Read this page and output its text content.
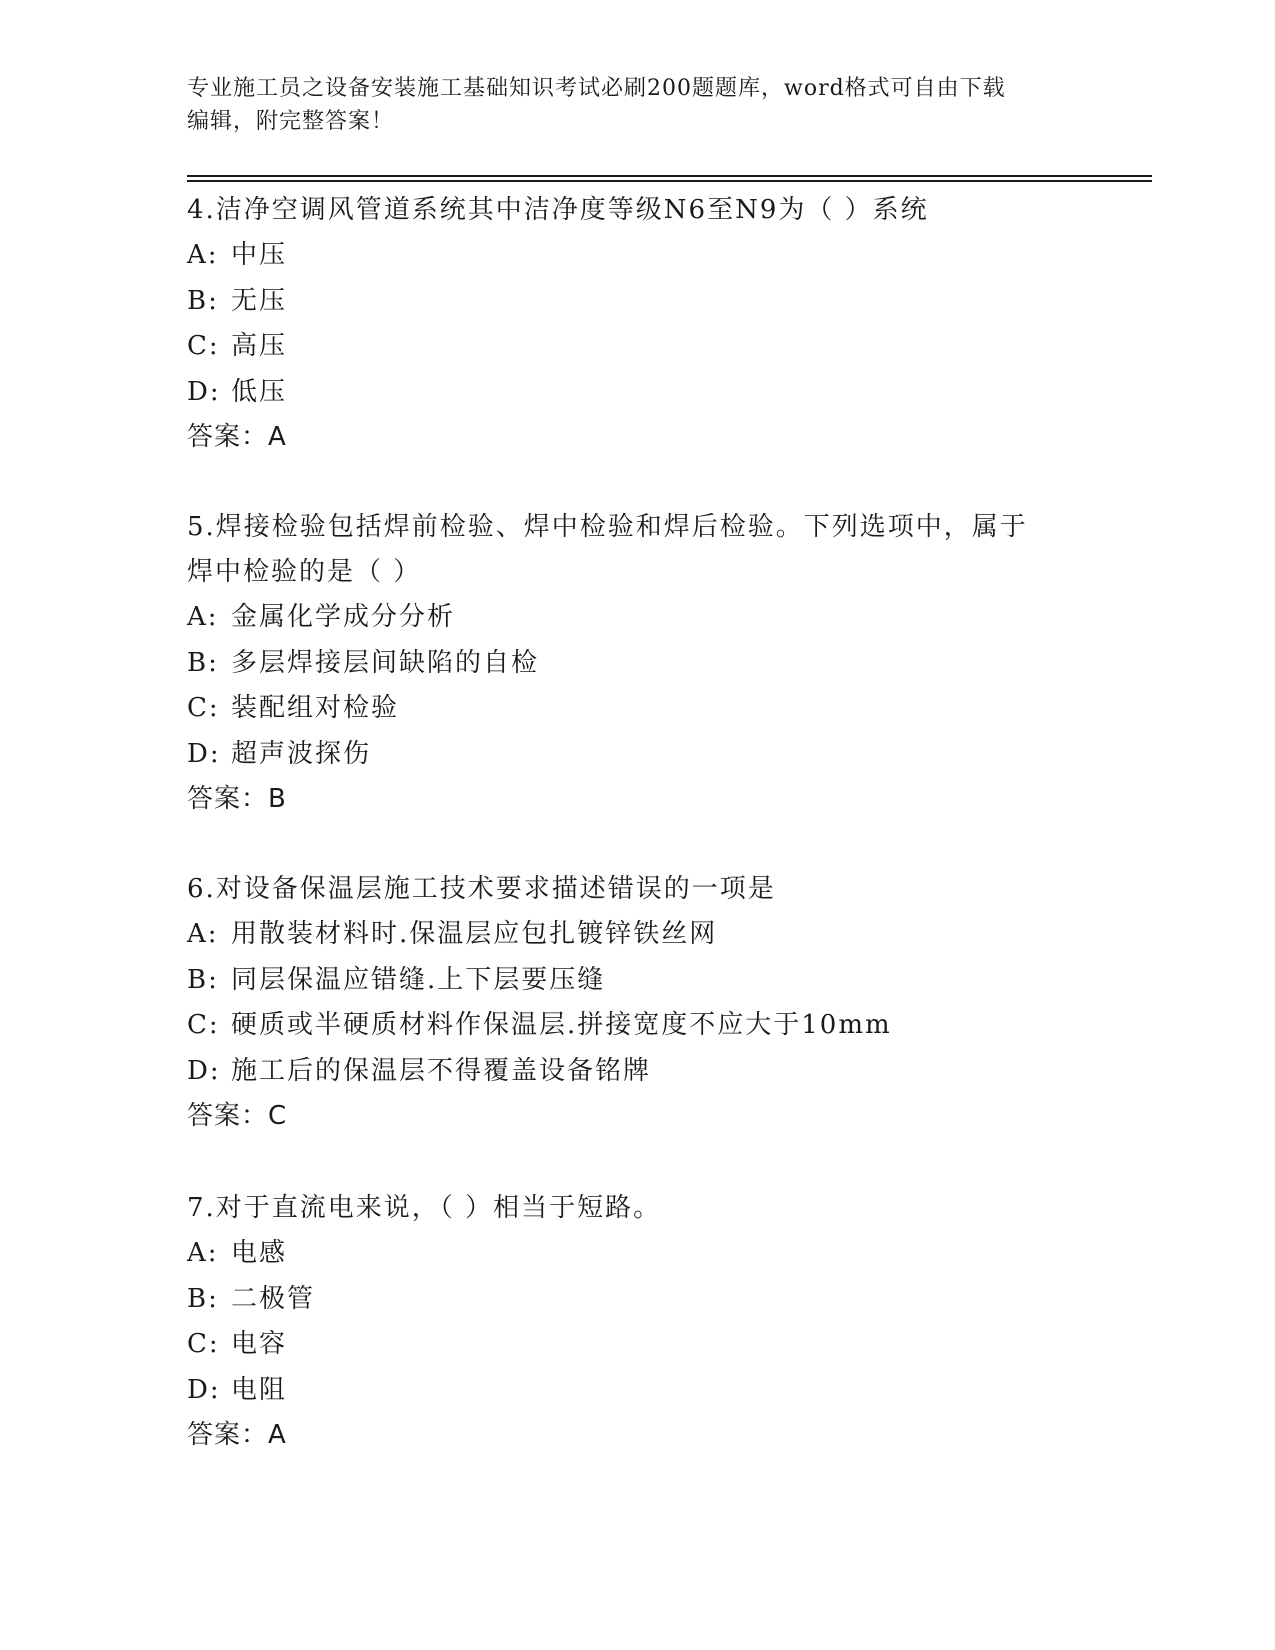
专业施工员之设备安装施工基础知识考试必刷200题题库，word格式可自由下载
编辑，附完整答案！
4.洁净空调风管道系统其中洁净度等级N6至N9为（ ）系统
A: 中压
B: 无压
C: 高压
D: 低压
答案：A
5.焊接检验包括焊前检验、焊中检验和焊后检验。下列选项中，属于
焊中检验的是（ ）
A: 金属化学成分分析
B: 多层焊接层间缺陷的自检
C: 装配组对检验
D: 超声波探伤
答案：B
6.对设备保温层施工技术要求描述错误的一项是
A: 用散装材料时.保温层应包扎镀锌铁丝网
B: 同层保温应错缝.上下层要压缝
C: 硬质或半硬质材料作保温层.拼接宽度不应大于10mm
D: 施工后的保温层不得覆盖设备铭牌
答案：C
7.对于直流电来说，（ ）相当于短路。
A: 电感
B: 二极管
C: 电容
D: 电阻
答案：A
